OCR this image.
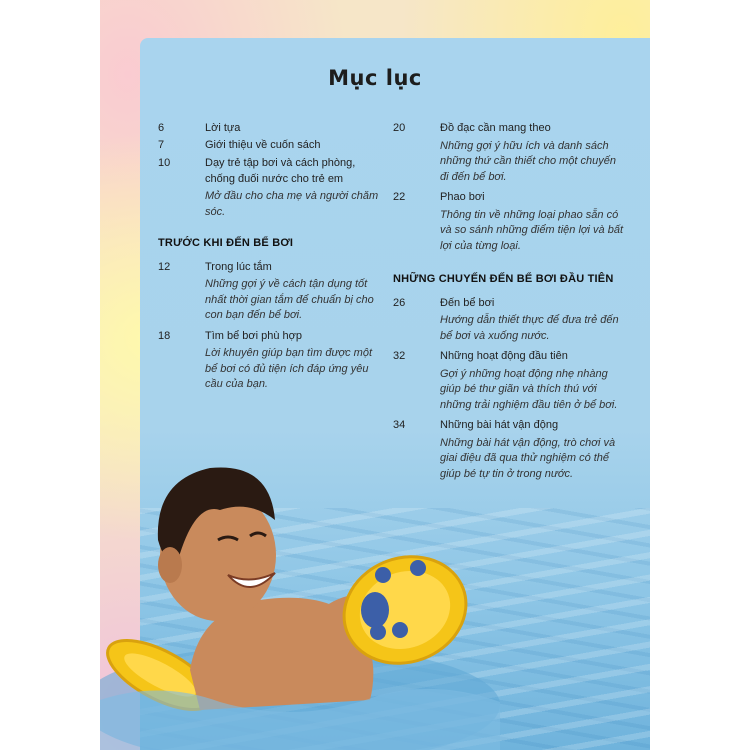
Mục lục
6	Lời tựa
7	Giới thiệu về cuốn sách
10	Dạy trẻ tập bơi và cách phòng, chống đuối nước cho trẻ em
Mở đầu cho cha mẹ và người chăm sóc.
TRƯỚC KHI ĐẾN BỂ BƠI
12	Trong lúc tắm
Những gợi ý về cách tận dụng tốt nhất thời gian tắm để chuẩn bị cho con bạn đến bể bơi.
18	Tìm bể bơi phù hợp
Lời khuyên giúp bạn tìm được một bể bơi có đủ tiện ích đáp ứng yêu cầu của bạn.
20	Đồ đạc cần mang theo
Những gợi ý hữu ích và danh sách những thứ cần thiết cho một chuyến đi đến bể bơi.
22	Phao bơi
Thông tin về những loại phao sẵn có và so sánh những điểm tiện lợi và bất lợi của từng loại.
NHỮNG CHUYẾN ĐẾN BỂ BƠI ĐẦU TIÊN
26	Đến bể bơi
Hướng dẫn thiết thực để đưa trẻ đến bể bơi và xuống nước.
32	Những hoạt động đầu tiên
Gợi ý những hoạt động nhẹ nhàng giúp bé thư giãn và thích thú với những trải nghiệm đầu tiên ở bể bơi.
34	Những bài hát vận động
Những bài hát vận động, trò chơi và giai điệu đã qua thử nghiệm có thể giúp bé tự tin ở trong nước.
